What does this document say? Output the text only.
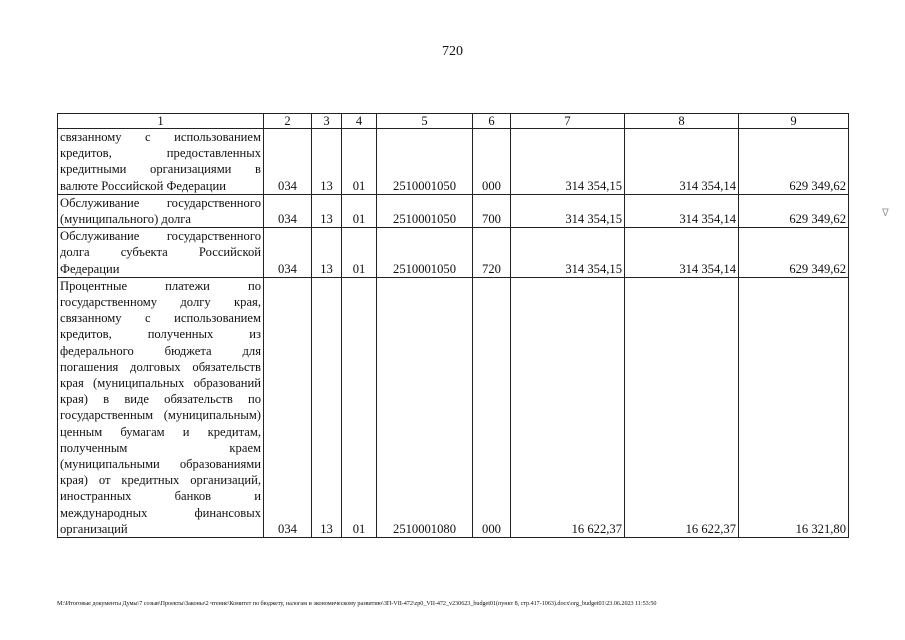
720
1	2	3	4	5	6	7	8	9
связанному с использованием кредитов, предоставленных кредитными организациями в валюте Российской Федерации	034	13	01	2510001050	000	314 354,15	314 354,14	629 349,62
Обслуживание государственного (муниципального) долга	034	13	01	2510001050	700	314 354,15	314 354,14	629 349,62
Обслуживание государственного долга субъекта Российской Федерации	034	13	01	2510001050	720	314 354,15	314 354,14	629 349,62
Процентные платежи по государственному долгу края, связанному с использованием кредитов, полученных из федерального бюджета для погашения долговых обязательств края (муниципальных образований края) в виде обязательств по государственным (муниципальным) ценным бумагам и кредитам, полученным краем (муниципальными образованиями края) от кредитных организаций, иностранных банков и международных финансовых организаций	034	13	01	2510001080	000	16 622,37	16 622,37	16 321,80
ᐁ
M:\Итоговые документы Думы\7 созыв\Проекты\Законы\2 чтение\Комитет по бюджету, налогам и экономическому развитию\ЗП-VII-472\zp0_VII-472_v230623_budget01(пункт 8, стр.417-1063).docx\org_budget01\23.06.2023 11:53:50
